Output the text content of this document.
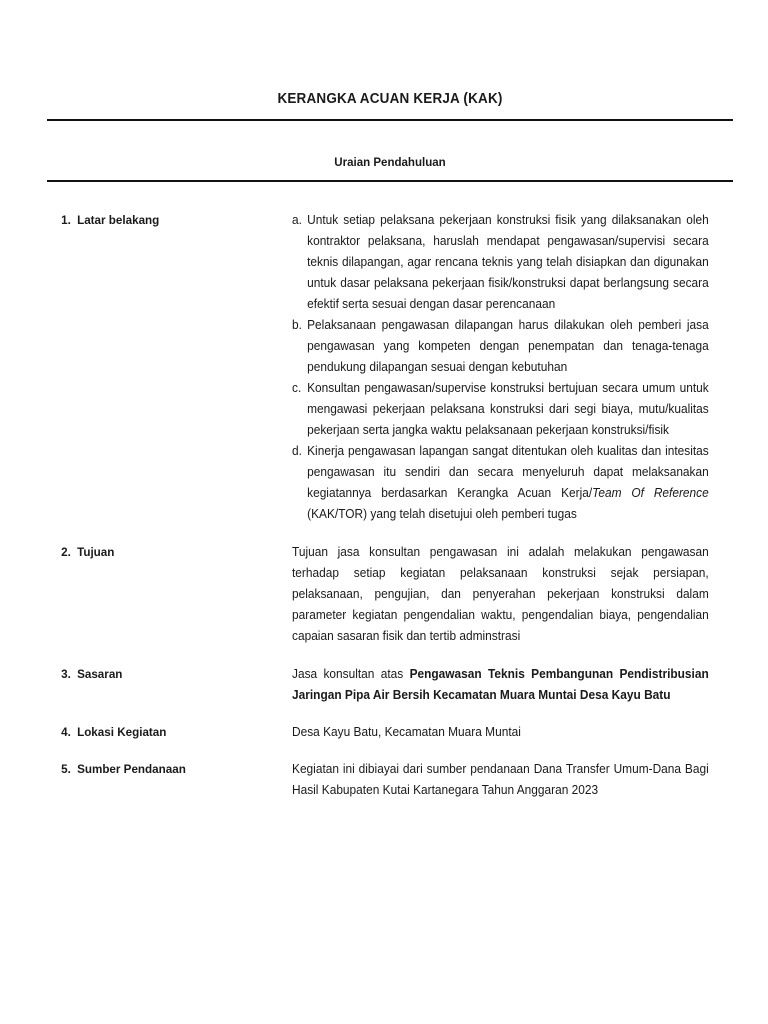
KERANGKA ACUAN KERJA (KAK)
Uraian Pendahuluan
1. Latar belakang	a. Untuk setiap pelaksana pekerjaan konstruksi fisik yang dilaksanakan oleh kontraktor pelaksana, haruslah mendapat pengawasan/supervisi secara teknis dilapangan, agar rencana teknis yang telah disiapkan dan digunakan untuk dasar pelaksana pekerjaan fisik/konstruksi dapat berlangsung secara efektif serta sesuai dengan dasar perencanaan
b. Pelaksanaan pengawasan dilapangan harus dilakukan oleh pemberi jasa pengawasan yang kompeten dengan penempatan dan tenaga-tenaga pendukung dilapangan sesuai dengan kebutuhan
c. Konsultan pengawasan/supervise konstruksi bertujuan secara umum untuk mengawasi pekerjaan pelaksana konstruksi dari segi biaya, mutu/kualitas pekerjaan serta jangka waktu pelaksanaan pekerjaan konstruksi/fisik
d. Kinerja pengawasan lapangan sangat ditentukan oleh kualitas dan intesitas pengawasan itu sendiri dan secara menyeluruh dapat melaksanakan kegiatannya berdasarkan Kerangka Acuan Kerja/Team Of Reference (KAK/TOR) yang telah disetujui oleh pemberi tugas
2. Tujuan	Tujuan jasa konsultan pengawasan ini adalah melakukan pengawasan terhadap setiap kegiatan pelaksanaan konstruksi sejak persiapan, pelaksanaan, pengujian, dan penyerahan pekerjaan konstruksi dalam parameter kegiatan pengendalian waktu, pengendalian biaya, pengendalian capaian sasaran fisik dan tertib adminstrasi

3. Sasaran	Jasa konsultan atas Pengawasan Teknis Pembangunan Pendistribusian Jaringan Pipa Air Bersih Kecamatan Muara Muntai Desa Kayu Batu

4. Lokasi Kegiatan	Desa Kayu Batu, Kecamatan Muara Muntai

5. Sumber Pendanaan	Kegiatan ini dibiayai dari sumber pendanaan Dana Transfer Umum-Dana Bagi Hasil Kabupaten Kutai Kartanegara Tahun Anggaran 2023
